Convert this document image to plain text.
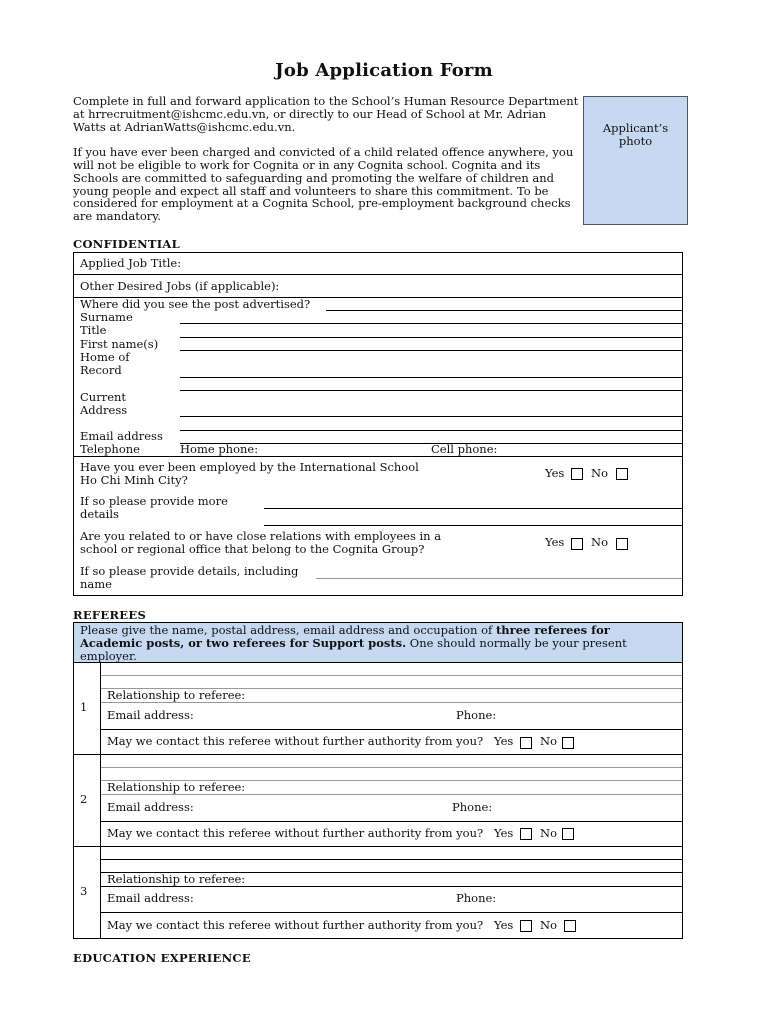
Job Application Form

Complete in full and forward application to the School’s Human Resource Department at hrrecruitment@ishcmc.edu.vn, or directly to our Head of School at Mr. Adrian Watts at AdrianWatts@ishcmc.edu.vn.

If you have ever been charged and convicted of a child related offence anywhere, you will not be eligible to work for Cognita or in any Cognita school. Cognita and its Schools are committed to safeguarding and promoting the welfare of children and young people and expect all staff and volunteers to share this commitment. To be considered for employment at a Cognita School, pre-employment background checks are mandatory.

Applicant’s
photo
CONFIDENTIAL
Applied Job Title:
Other Desired Jobs (if applicable):
Where did you see the post advertised?
Surname
Title
First name(s)
Home of
Record
Current
Address
Email address
Telephone	Home phone:	Cell phone:
Have you ever been employed by the International School
Ho Chi Minh City?	Yes No
If so please provide more
details
Are you related to or have close relations with employees in a
school or regional office that belong to the Cognita Group?	Yes No
If so please provide details, including
name
REFEREES
Please give the name, postal address, email address and occupation of three referees for Academic posts, or two referees for Support posts. One should normally be your present employer.
1
Relationship to referee:
Email address:	Phone:
May we contact this referee without further authority from you? Yes No
2
Relationship to referee:
Email address:	Phone:
May we contact this referee without further authority from you? Yes No
3
Relationship to referee:
Email address:	Phone:
May we contact this referee without further authority from you? Yes No
EDUCATION EXPERIENCE
